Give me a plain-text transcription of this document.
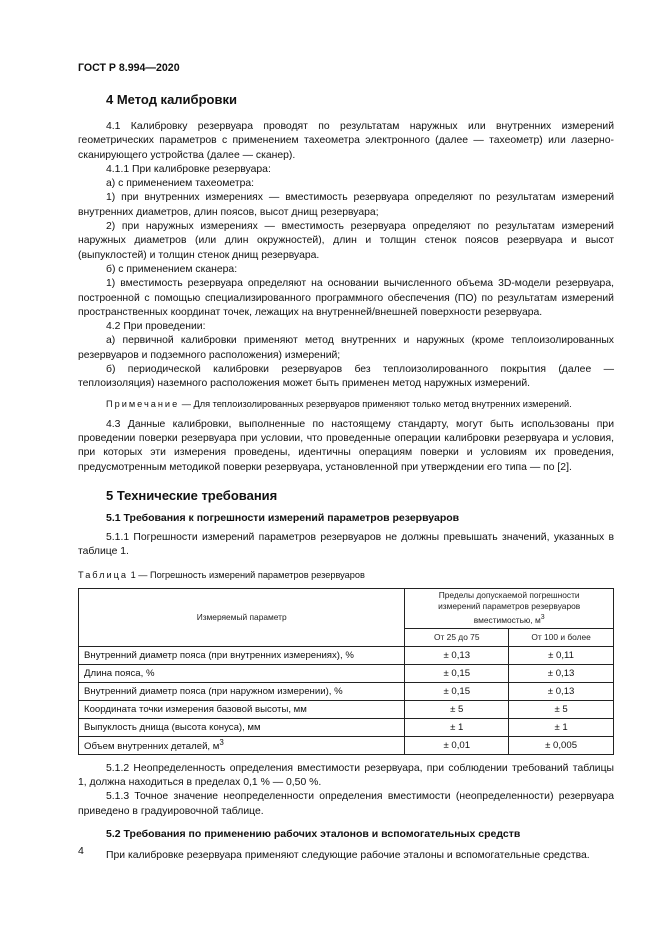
ГОСТ Р 8.994—2020
4 Метод калибровки

4.1 Калибровку резервуара проводят по результатам наружных или внутренних измерений геометрических параметров с применением тахеометра электронного (далее — тахеометр) или лазерно-сканирующего устройства (далее — сканер).

4.1.1 При калибровке резервуара:

а) с применением тахеометра:

1) при внутренних измерениях — вместимость резервуара определяют по результатам измерений внутренних диаметров, длин поясов, высот днищ резервуара;

2) при наружных измерениях — вместимость резервуара определяют по результатам измерений наружных диаметров (или длин окружностей), длин и толщин стенок поясов резервуара и высот (выпуклостей) и толщин стенок днищ резервуара.

б) с применением сканера:

1) вместимость резервуара определяют на основании вычисленного объема 3D-модели резервуара, построенной с помощью специализированного программного обеспечения (ПО) по результатам измерений пространственных координат точек, лежащих на внутренней/внешней поверхности резервуара.

4.2 При проведении:

а) первичной калибровки применяют метод внутренних и наружных (кроме теплоизолированных резервуаров и подземного расположения) измерений;

б) периодической калибровки резервуаров без теплоизолированного покрытия (далее — теплоизоляция) наземного расположения может быть применен метод наружных измерений.

Примечание — Для теплоизолированных резервуаров применяют только метод внутренних измерений.

4.3 Данные калибровки, выполненные по настоящему стандарту, могут быть использованы при проведении поверки резервуара при условии, что проведенные операции калибровки резервуара и условия, при которых эти измерения проведены, идентичны операциям поверки и условиям их проведения, предусмотренным методикой поверки резервуара, установленной при утверждении его типа — по [2].

5 Технические требования
5.1 Требования к погрешности измерений параметров резервуаров

5.1.1 Погрешности измерений параметров резервуаров не должны превышать значений, указанных в таблице 1.

Таблица 1 — Погрешность измерений параметров резервуаров

Измеряемый параметр	Пределы допускаемой погрешности
измерений параметров резервуаров
вместимостью, $м^3$
	От 25 до 75	От 100 и более
Внутренний диаметр пояса (при внутренних измерениях), %	± 0,13	± 0,11
Длина пояса, %	± 0,15	± 0,13
Внутренний диаметр пояса (при наружном измерении), %	± 0,15	± 0,13
Координата точки измерения базовой высоты, мм	± 5	± 5
Выпуклость днища (высота конуса), мм	± 1	± 1
Объем внутренних деталей, $м^3$	± 0,01	± 0,005

5.1.2 Неопределенность определения вместимости резервуара, при соблюдении требований таблицы 1, должна находиться в пределах 0,1 % — 0,50 %.

5.1.3 Точное значение неопределенности определения вместимости (неопределенности) резервуара приведено в градуировочной таблице.

5.2 Требования по применению рабочих эталонов и вспомогательных средств

При калибровке резервуара применяют следующие рабочие эталоны и вспомогательные средства.

4
